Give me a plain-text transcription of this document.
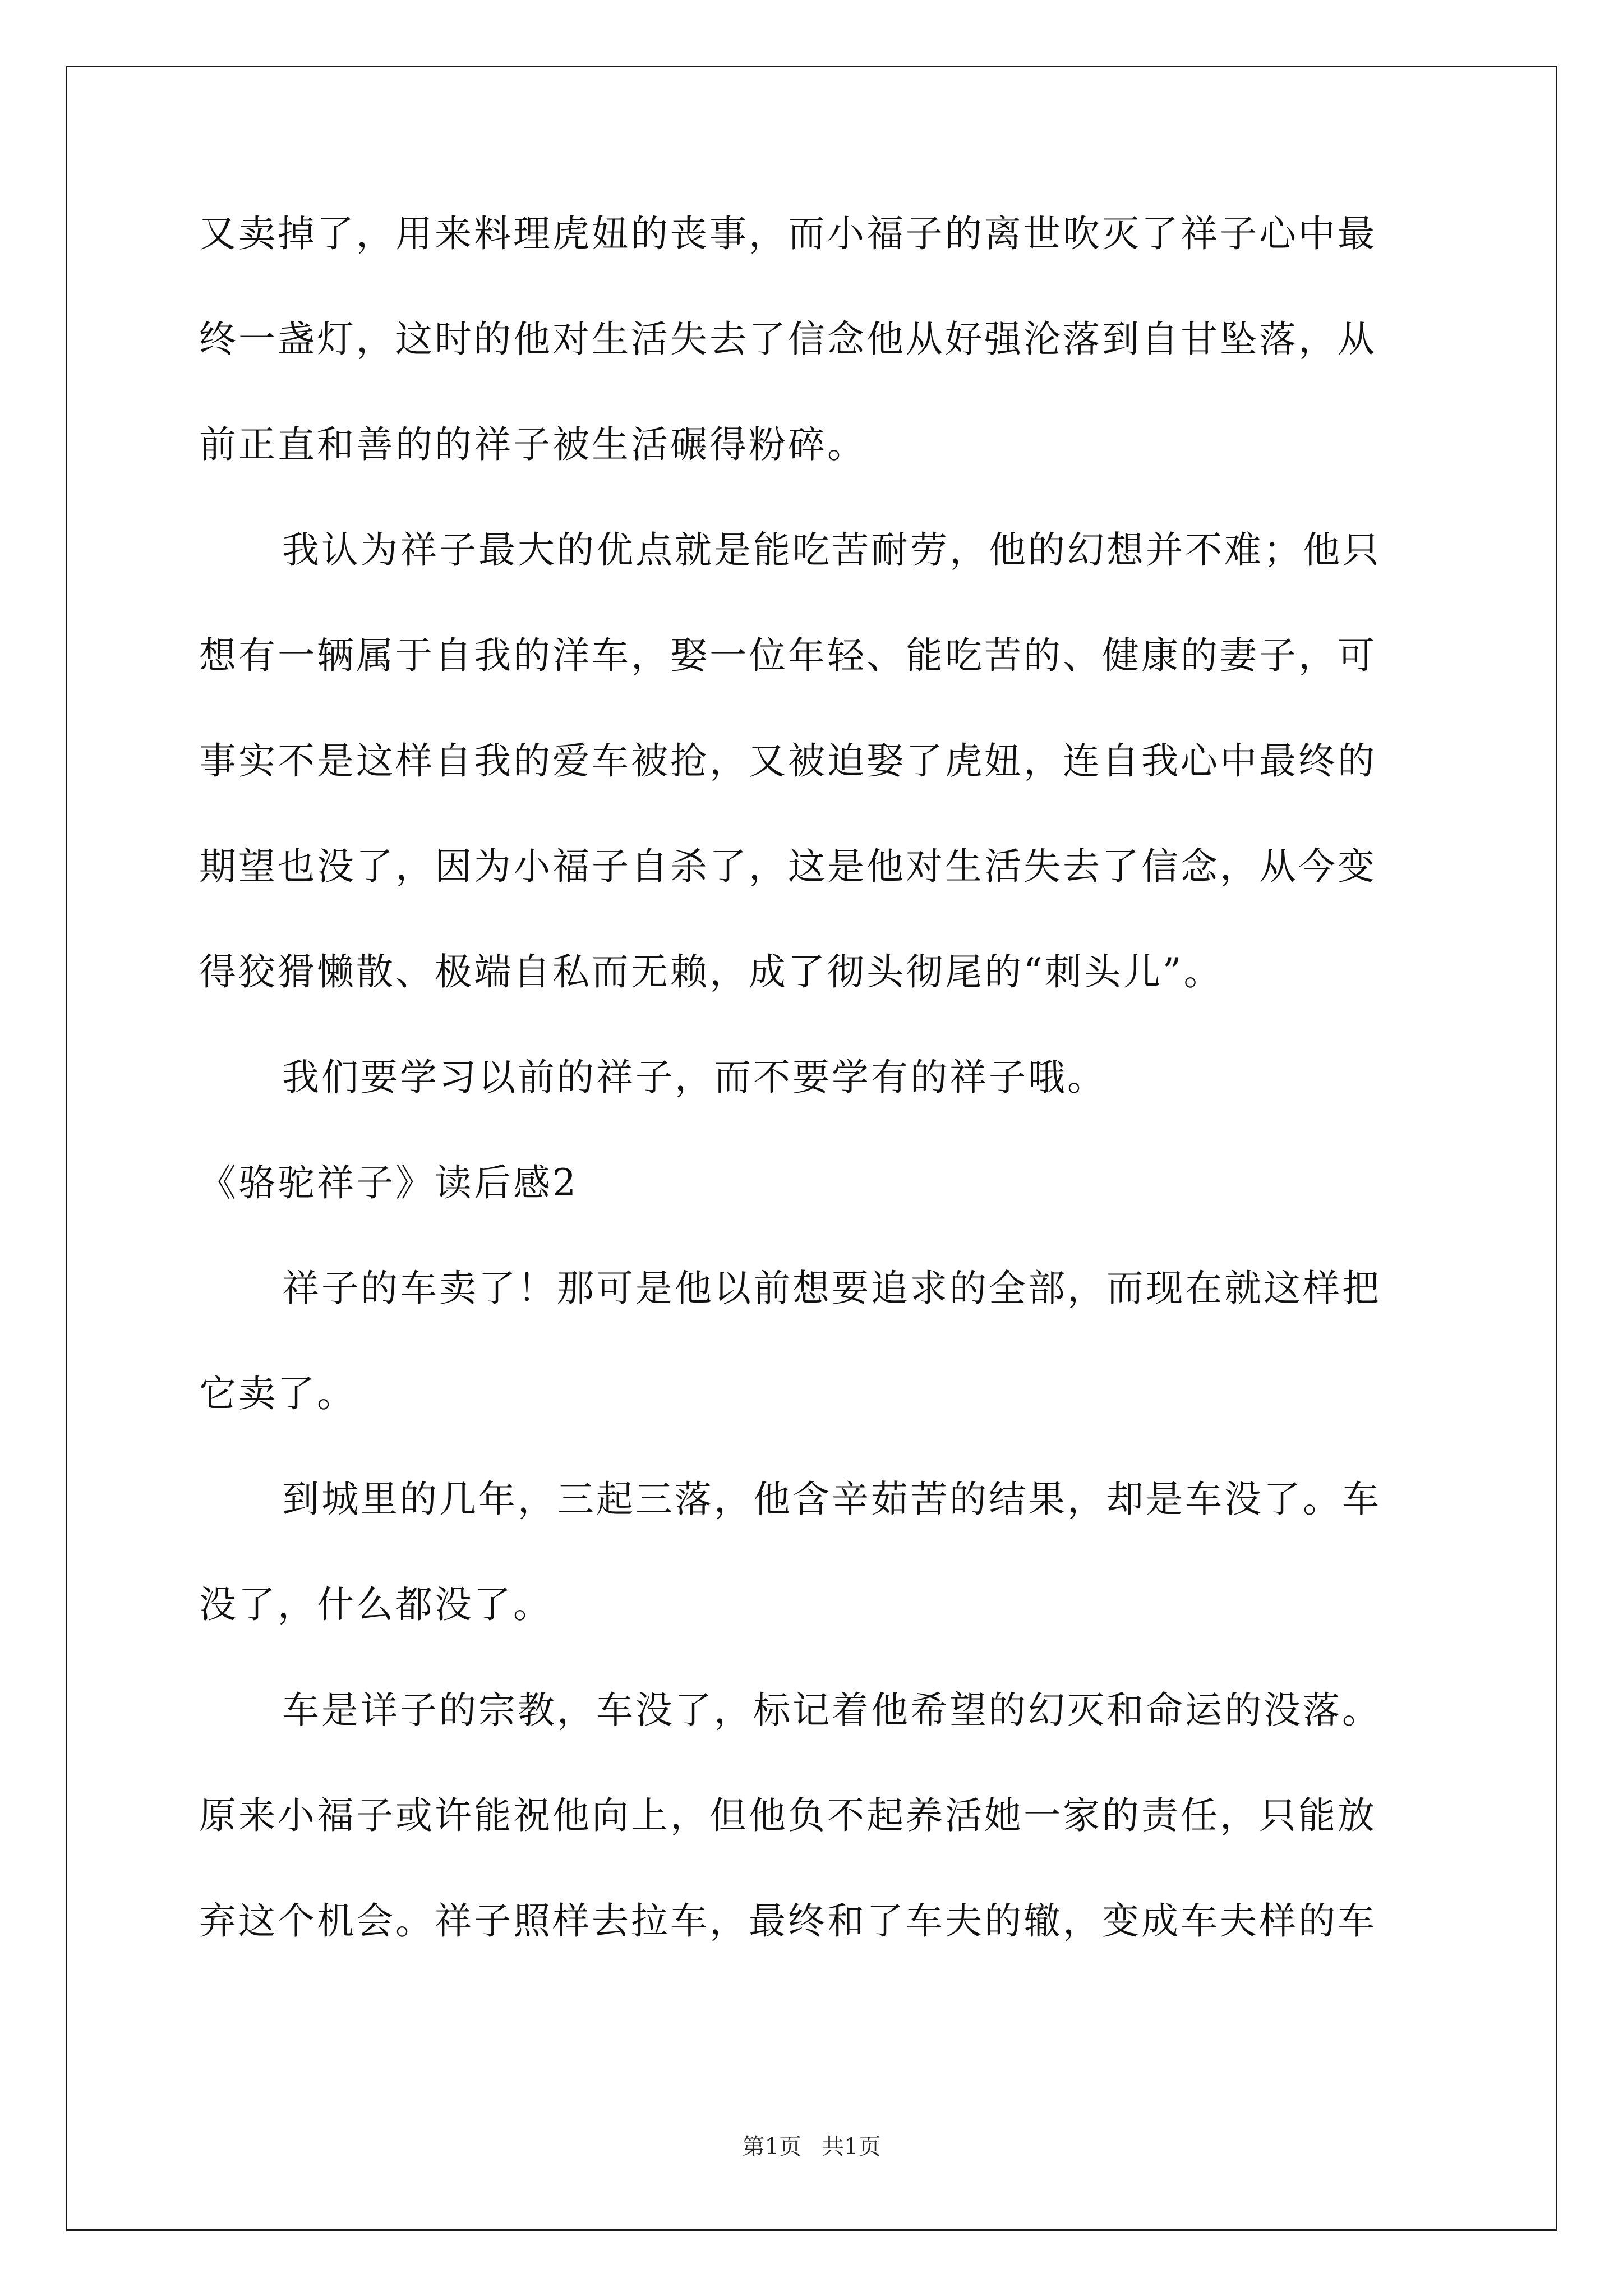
又卖掉了，用来料理虎妞的丧事，而小福子的离世吹灭了祥子心中最
终一盏灯，这时的他对生活失去了信念他从好强沦落到自甘坠落，从
前正直和善的的祥子被生活碾得粉碎。
我认为祥子最大的优点就是能吃苦耐劳，他的幻想并不难；他只
想有一辆属于自我的洋车，娶一位年轻、能吃苦的、健康的妻子，可
事实不是这样自我的爱车被抢，又被迫娶了虎妞，连自我心中最终的
期望也没了，因为小福子自杀了，这是他对生活失去了信念，从今变
得狡猾懒散、极端自私而无赖，成了彻头彻尾的“刺头儿”。
我们要学习以前的祥子，而不要学有的祥子哦。
《骆驼祥子》读后感2
祥子的车卖了！那可是他以前想要追求的全部，而现在就这样把
它卖了。
到城里的几年，三起三落，他含辛茹苦的结果，却是车没了。车
没了，什么都没了。
车是详子的宗教，车没了，标记着他希望的幻灭和命运的没落。
原来小福子或许能祝他向上，但他负不起养活她一家的责任，只能放
弃这个机会。祥子照样去拉车，最终和了车夫的辙，变成车夫样的车
第1页 共1页
